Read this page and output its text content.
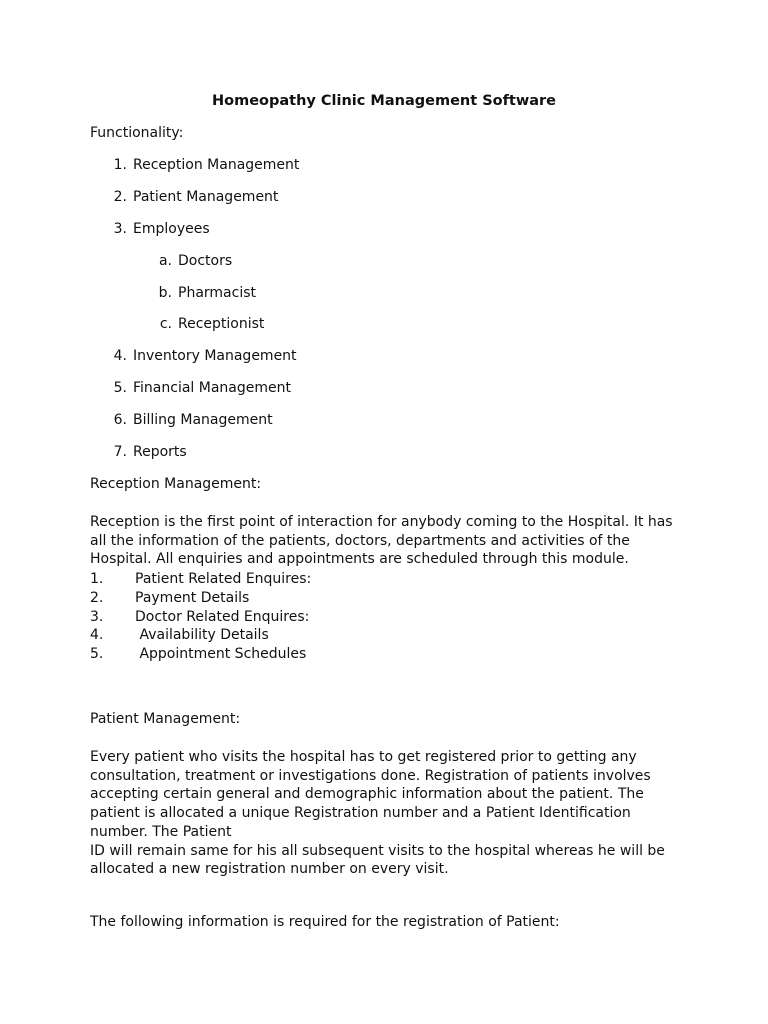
Homeopathy Clinic Management Software
Functionality:
1. Reception Management
2. Patient Management
3. Employees
a. Doctors
b. Pharmacist
c. Receptionist
4. Inventory Management
5. Financial Management
6. Billing Management
7. Reports
Reception Management:
Reception is the first point of interaction for anybody coming to the Hospital. It has
all the information of the patients, doctors, departments and activities of the
Hospital. All enquiries and appointments are scheduled through this module.
1. Patient Related Enquires:
2. Payment Details
3. Doctor Related Enquires:
4. Availability Details
5. Appointment Schedules
Patient Management:
Every patient who visits the hospital has to get registered prior to getting any
consultation, treatment or investigations done. Registration of patients involves
accepting certain general and demographic information about the patient. The
patient is allocated a unique Registration number and a Patient Identification
number. The Patient
ID will remain same for his all subsequent visits to the hospital whereas he will be
allocated a new registration number on every visit.
The following information is required for the registration of Patient:
